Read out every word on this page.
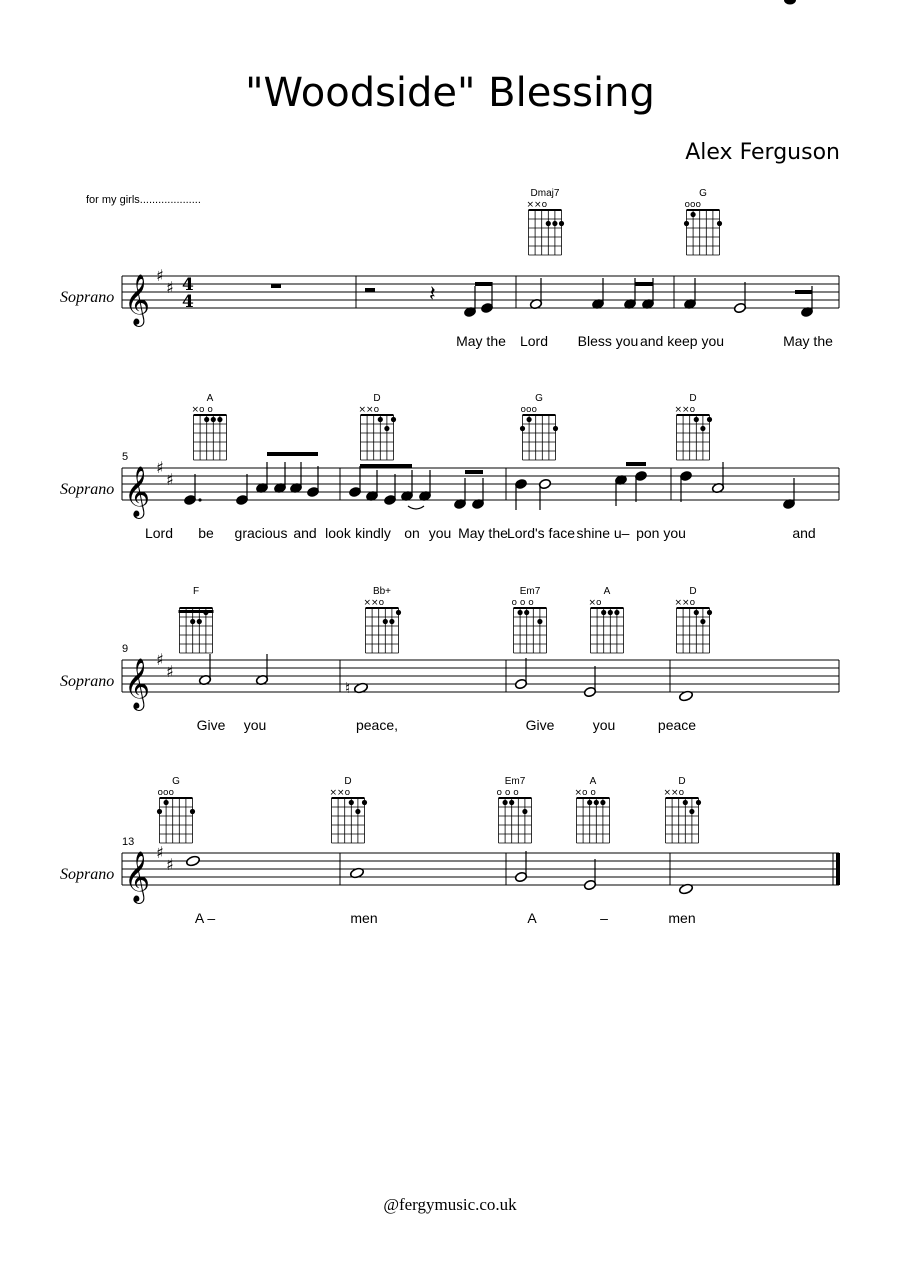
"Woodside" Blessing
Alex Ferguson
for my girls....................
Soprano 𝄞 ♯
♯ 4
4
Dmaj7
××o
G
ooo
May the Lord Bless you and keep you	May the
Soprano
5
𝄞 ♯
♯
A
×o o
D
××o
G
ooo
D
××o
Lord be gracious and look kindly on you May the Lord's face shine u– pon you	and
Soprano
9
𝄞 ♯
♯
F	Bb+
××o
Em7
o o o
A
×o
D
××o
Give you	peace,	Give	you	peace
Soprano
13
𝄞 ♯
♯
G
ooo
D
××o
Em7
o o o
A
×o o
D
××o
A –	men	A	–	men
𝄽
♮
@fergymusic.co.uk
